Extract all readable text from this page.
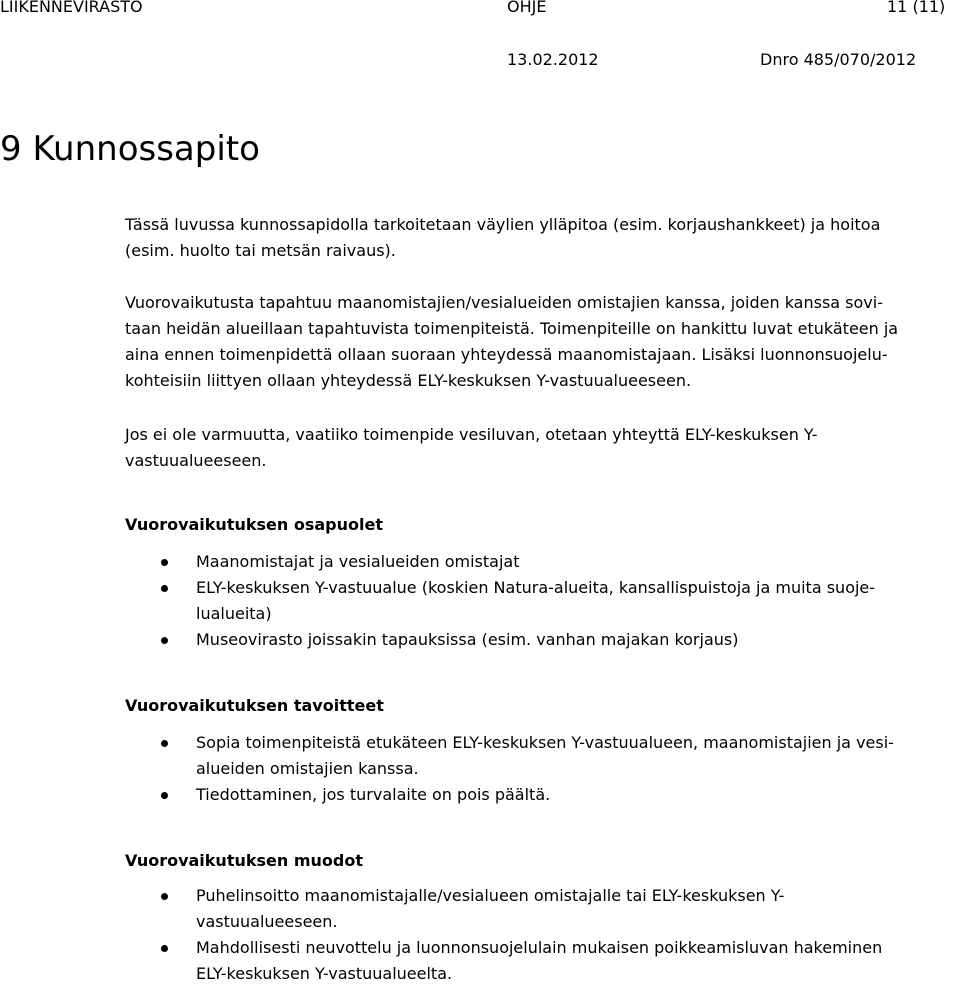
LIIKENNEVIRASTO	OHJE	11 (11)
13.02.2012	Dnro 485/070/2012
9 Kunnossapito
Tässä luvussa kunnossapidolla tarkoitetaan väylien ylläpitoa (esim. korjaushankkeet) ja hoitoa
(esim. huolto tai metsän raivaus).
Vuorovaikutusta tapahtuu maanomistajien/vesialueiden omistajien kanssa, joiden kanssa sovi-
taan heidän alueillaan tapahtuvista toimenpiteistä. Toimenpiteille on hankittu luvat etukäteen ja
aina ennen toimenpidettä ollaan suoraan yhteydessä maanomistajaan. Lisäksi luonnonsuojelu-
kohteisiin liittyen ollaan yhteydessä ELY-keskuksen Y-vastuualueeseen.
Jos ei ole varmuutta, vaatiiko toimenpide vesiluvan, otetaan yhteyttä ELY-keskuksen Y-
vastuualueeseen.
Vuorovaikutuksen osapuolet
Maanomistajat ja vesialueiden omistajat
ELY-keskuksen Y-vastuualue (koskien Natura-alueita, kansallispuistoja ja muita suoje-
lualueita)
Museovirasto joissakin tapauksissa (esim. vanhan majakan korjaus)
Vuorovaikutuksen tavoitteet
Sopia toimenpiteistä etukäteen ELY-keskuksen Y-vastuualueen, maanomistajien ja vesi-
alueiden omistajien kanssa.
Tiedottaminen, jos turvalaite on pois päältä.
Vuorovaikutuksen muodot
Puhelinsoitto maanomistajalle/vesialueen omistajalle tai ELY-keskuksen Y-
vastuualueeseen.
Mahdollisesti neuvottelu ja luonnonsuojelulain mukaisen poikkeamisluvan hakeminen
ELY-keskuksen Y-vastuualueelta.
